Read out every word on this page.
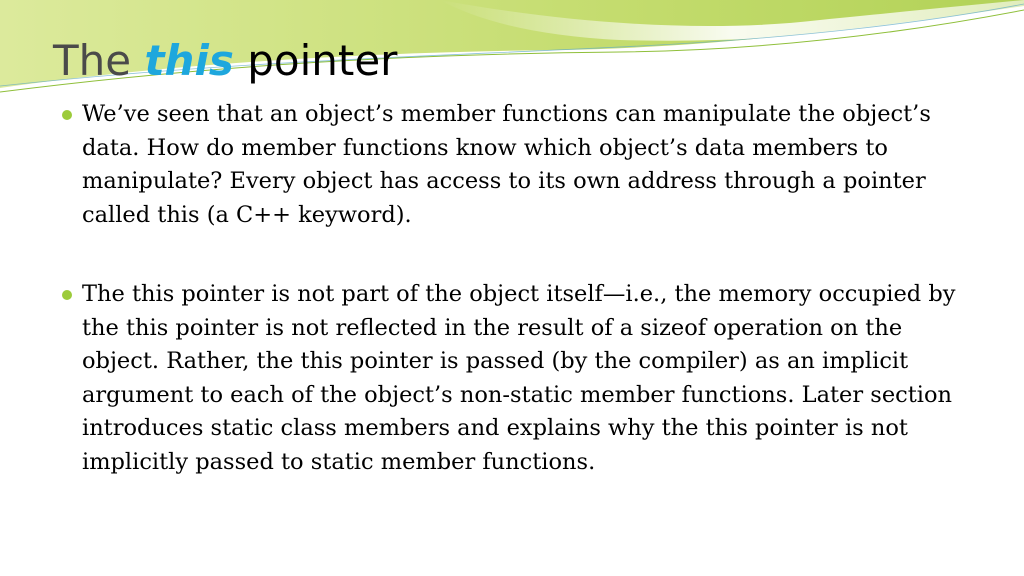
The this pointer
We’ve seen that an object’s member functions can manipulate the object’s data. How do member functions know which object’s data members to manipulate? Every object has access to its own address through a pointer called this (a C++ keyword).
The this pointer is not part of the object itself—i.e., the memory occupied by the this pointer is not reflected in the result of a sizeof operation on the object. Rather, the this pointer is passed (by the compiler) as an implicit argument to each of the object’s non-static member functions. Later section introduces static class members and explains why the this pointer is not implicitly passed to static member functions.
